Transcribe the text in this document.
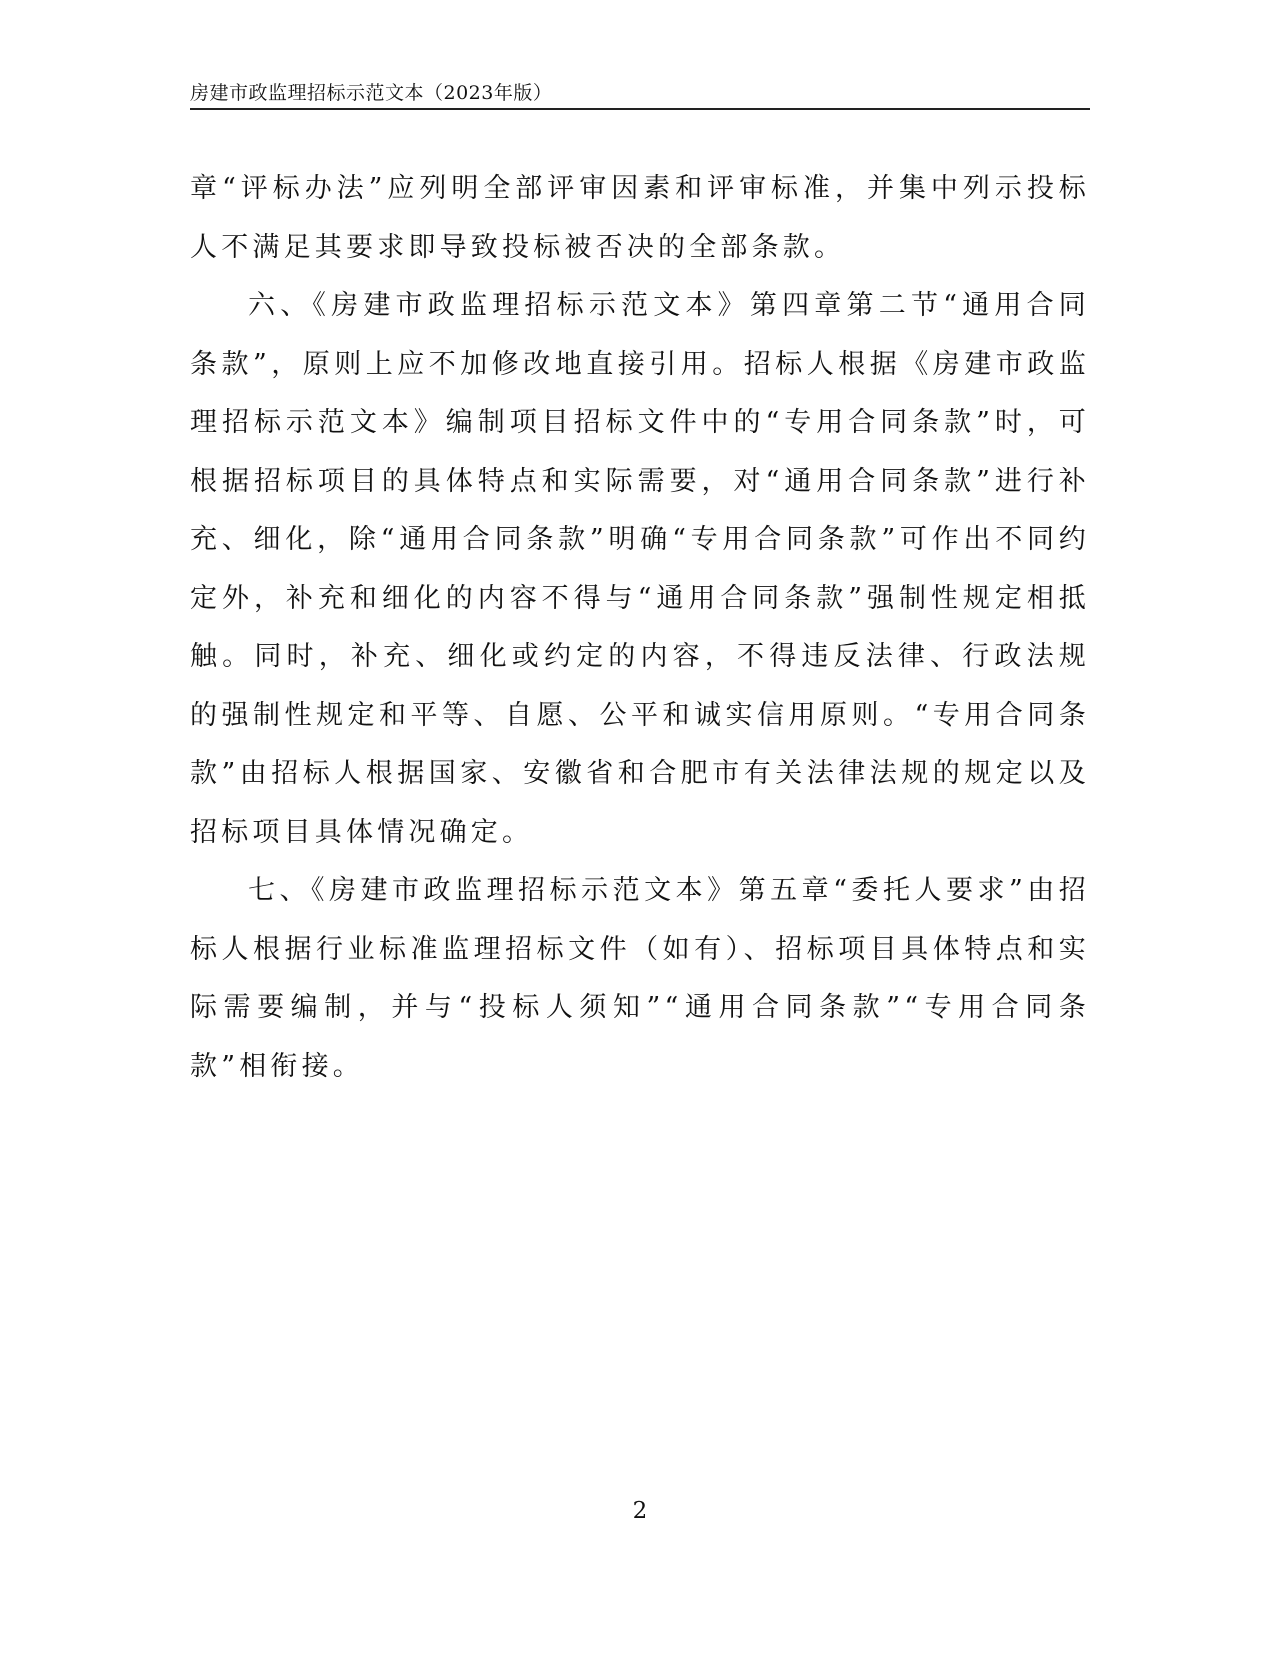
房建市政监理招标示范文本（2023年版）

章“评标办法”应列明全部评审因素和评审标准，并集中列示投标人不满足其要求即导致投标被否决的全部条款。

六、《房建市政监理招标示范文本》第四章第二节“通用合同条款”，原则上应不加修改地直接引用。招标人根据《房建市政监理招标示范文本》编制项目招标文件中的“专用合同条款”时，可根据招标项目的具体特点和实际需要，对“通用合同条款”进行补充、细化，除“通用合同条款”明确“专用合同条款”可作出不同约定外，补充和细化的内容不得与“通用合同条款”强制性规定相抵触。同时，补充、细化或约定的内容，不得违反法律、行政法规的强制性规定和平等、自愿、公平和诚实信用原则。“专用合同条款”由招标人根据国家、安徽省和合肥市有关法律法规的规定以及招标项目具体情况确定。

七、《房建市政监理招标示范文本》第五章“委托人要求”由招标人根据行业标准监理招标文件（如有）、招标项目具体特点和实际需要编制，并与“投标人须知”“通用合同条款”“专用合同条款”相衔接。

2
